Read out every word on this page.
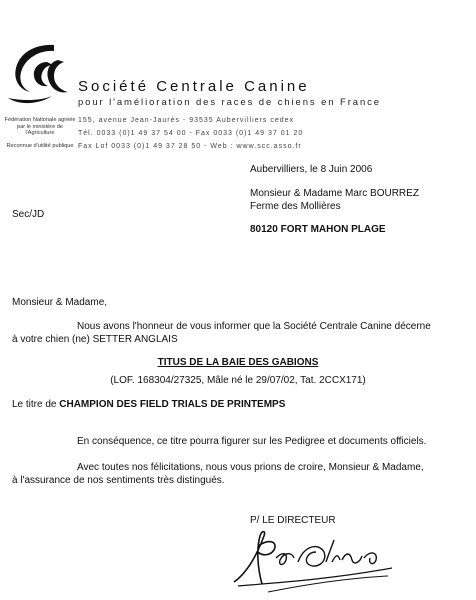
Société Centrale Canine
pour l'amélioration des races de chiens en France
155, avenue Jean-Jaurès - 93535 Aubervilliers cedex
Tél. 0033 (0)1 49 37 54 00 - Fax 0033 (0)1 49 37 01 20
Fax Lof 0033 (0)1 49 37 28 50 - Web : www.scc.asso.fr
Fédération Nationale agréée par le ministère de l'Agriculture
Reconnue d'utilité publique
Aubervilliers, le 8 Juin 2006
Monsieur & Madame Marc BOURREZ
Ferme des Mollières
80120 FORT MAHON PLAGE
Sec/JD
Monsieur & Madame,
Nous avons l'honneur de vous informer que la Société Centrale Canine décerne
à votre chien (ne) SETTER ANGLAIS
TITUS DE LA BAIE DES GABIONS
(LOF. 168304/27325, Mâle né le 29/07/02, Tat. 2CCX171)
Le titre de CHAMPION DES FIELD TRIALS DE PRINTEMPS
En conséquence, ce titre pourra figurer sur les Pedigree et documents officiels.
Avec toutes nos félicitations, nous vous prions de croire, Monsieur & Madame,
à l'assurance de nos sentiments très distingués.
P/ LE DIRECTEUR
